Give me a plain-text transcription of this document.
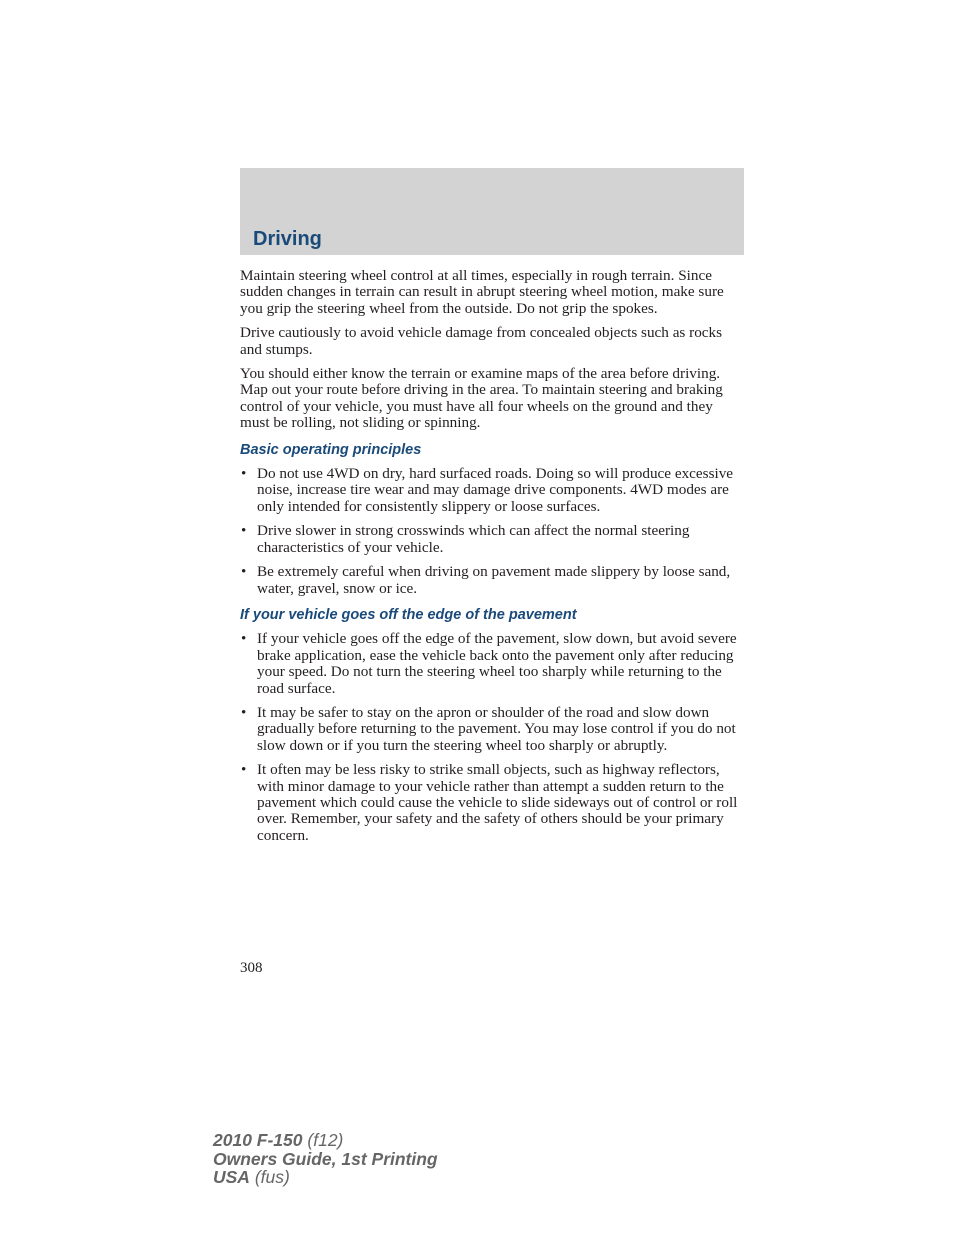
Driving

Maintain steering wheel control at all times, especially in rough terrain. Since sudden changes in terrain can result in abrupt steering wheel motion, make sure you grip the steering wheel from the outside. Do not grip the spokes.

Drive cautiously to avoid vehicle damage from concealed objects such as rocks and stumps.

You should either know the terrain or examine maps of the area before driving. Map out your route before driving in the area. To maintain steering and braking control of your vehicle, you must have all four wheels on the ground and they must be rolling, not sliding or spinning.

Basic operating principles
• Do not use 4WD on dry, hard surfaced roads. Doing so will produce excessive noise, increase tire wear and may damage drive components. 4WD modes are only intended for consistently slippery or loose surfaces.
• Drive slower in strong crosswinds which can affect the normal steering characteristics of your vehicle.
• Be extremely careful when driving on pavement made slippery by loose sand, water, gravel, snow or ice.
If your vehicle goes off the edge of the pavement
• If your vehicle goes off the edge of the pavement, slow down, but avoid severe brake application, ease the vehicle back onto the pavement only after reducing your speed. Do not turn the steering wheel too sharply while returning to the road surface.
• It may be safer to stay on the apron or shoulder of the road and slow down gradually before returning to the pavement. You may lose control if you do not slow down or if you turn the steering wheel too sharply or abruptly.
• It often may be less risky to strike small objects, such as highway reflectors, with minor damage to your vehicle rather than attempt a sudden return to the pavement which could cause the vehicle to slide sideways out of control or roll over. Remember, your safety and the safety of others should be your primary concern.
308
2010 F-150 (f12)
Owners Guide, 1st Printing
USA (fus)
